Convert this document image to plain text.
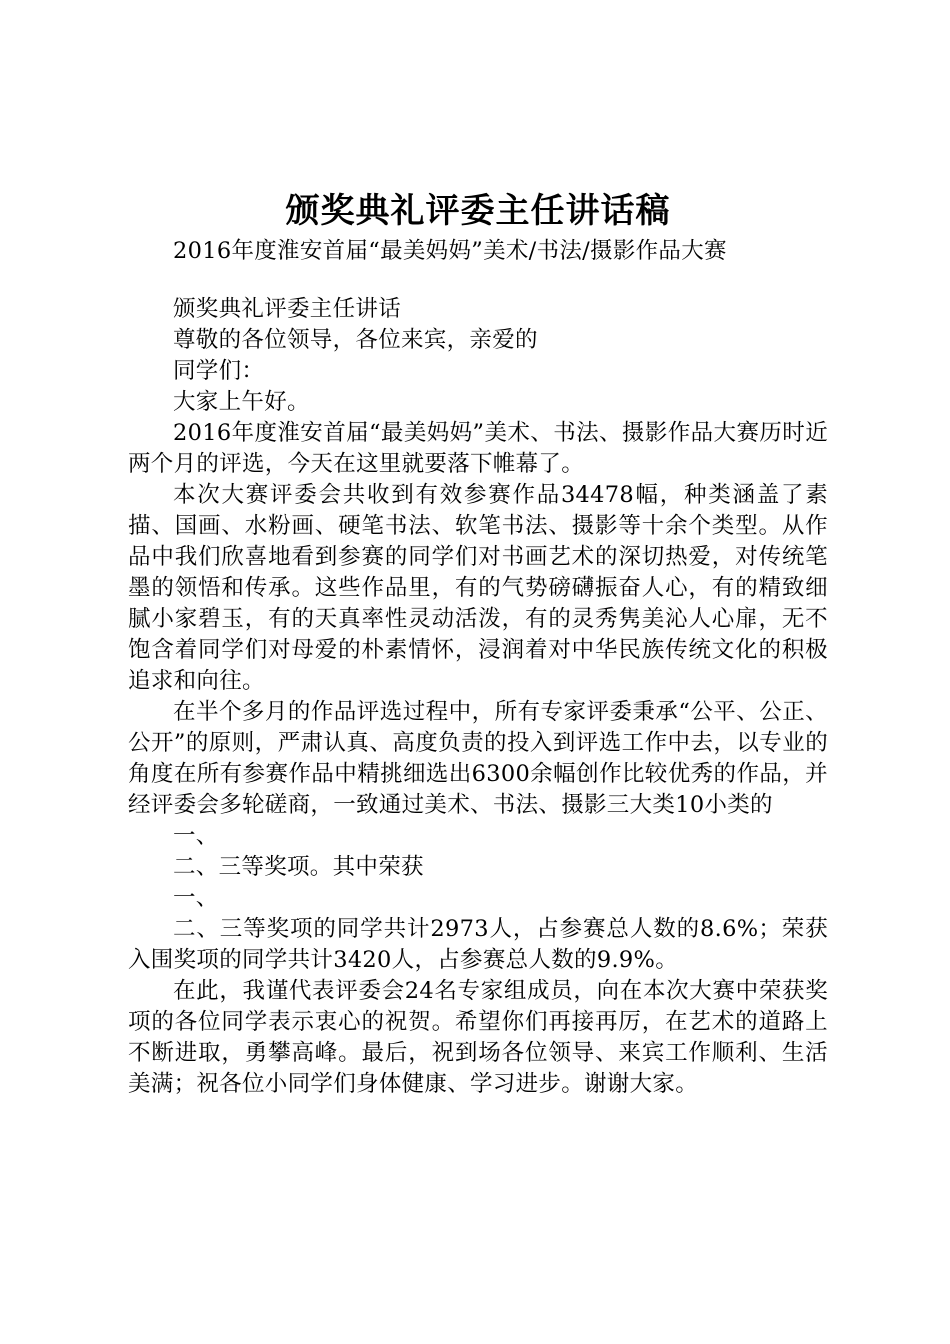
颁奖典礼评委主任讲话稿

2016年度淮安首届“最美妈妈”美术/书法/摄影作品大赛

颁奖典礼评委主任讲话

尊敬的各位领导，各位来宾，亲爱的

同学们：

大家上午好。

2016年度淮安首届“最美妈妈”美术、书法、摄影作品大赛历时近两个月的评选，今天在这里就要落下帷幕了。

本次大赛评委会共收到有效参赛作品34478幅，种类涵盖了素描、国画、水粉画、硬笔书法、软笔书法、摄影等十余个类型。从作品中我们欣喜地看到参赛的同学们对书画艺术的深切热爱，对传统笔墨的领悟和传承。这些作品里，有的气势磅礴振奋人心，有的精致细腻小家碧玉，有的天真率性灵动活泼，有的灵秀隽美沁人心扉，无不饱含着同学们对母爱的朴素情怀，浸润着对中华民族传统文化的积极追求和向往。

在半个多月的作品评选过程中，所有专家评委秉承“公平、公正、公开”的原则，严肃认真、高度负责的投入到评选工作中去，以专业的角度在所有参赛作品中精挑细选出6300余幅创作比较优秀的作品，并经评委会多轮磋商，一致通过美术、书法、摄影三大类10小类的

一、

二、三等奖项。其中荣获

一、

二、三等奖项的同学共计2973人，占参赛总人数的8.6%；荣获入围奖项的同学共计3420人，占参赛总人数的9.9%。

在此，我谨代表评委会24名专家组成员，向在本次大赛中荣获奖项的各位同学表示衷心的祝贺。希望你们再接再厉，在艺术的道路上不断进取，勇攀高峰。最后，祝到场各位领导、来宾工作顺利、生活美满；祝各位小同学们身体健康、学习进步。谢谢大家。
